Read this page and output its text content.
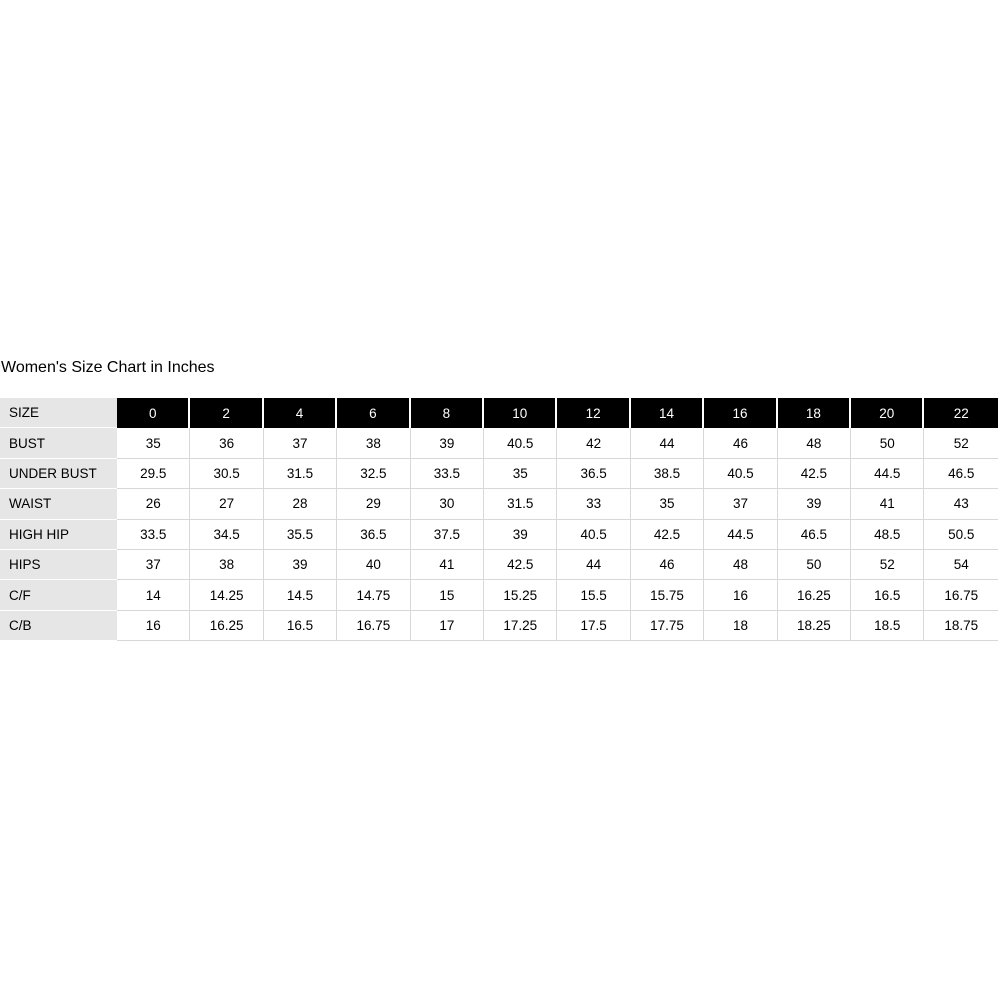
Women's Size Chart in Inches
SIZE	0	2	4	6	8	10	12	14	16	18	20	22
BUST	35	36	37	38	39	40.5	42	44	46	48	50	52
UNDER BUST	29.5	30.5	31.5	32.5	33.5	35	36.5	38.5	40.5	42.5	44.5	46.5
WAIST	26	27	28	29	30	31.5	33	35	37	39	41	43
HIGH HIP	33.5	34.5	35.5	36.5	37.5	39	40.5	42.5	44.5	46.5	48.5	50.5
HIPS	37	38	39	40	41	42.5	44	46	48	50	52	54
C/F	14	14.25	14.5	14.75	15	15.25	15.5	15.75	16	16.25	16.5	16.75
C/B	16	16.25	16.5	16.75	17	17.25	17.5	17.75	18	18.25	18.5	18.75
